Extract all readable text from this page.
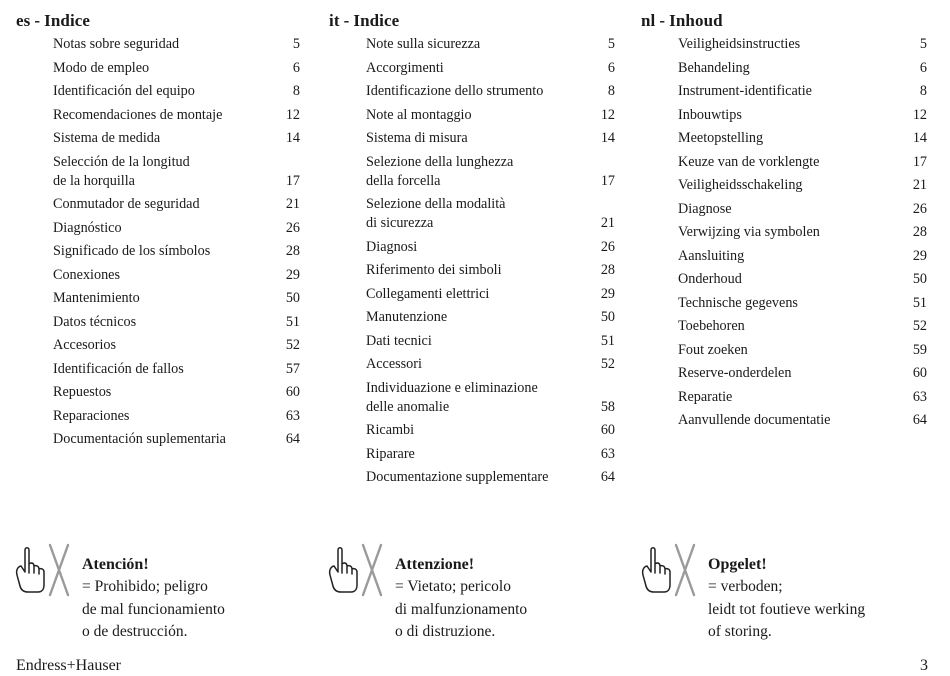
es - Indice
Notas sobre seguridad	5
Modo de empleo	6
Identificación del equipo	8
Recomendaciones de montaje	12
Sistema de medida	14
Selección de la longitud
de la horquilla	17
Conmutador de seguridad	21
Diagnóstico	26
Significado de los símbolos	28
Conexiones	29
Mantenimiento	50
Datos técnicos	51
Accesorios	52
Identificación de fallos	57
Repuestos	60
Reparaciones	63
Documentación suplementaria	64
it - Indice
Note sulla sicurezza	5
Accorgimenti	6
Identificazione dello strumento	8
Note al montaggio	12
Sistema di misura	14
Selezione della lunghezza
della forcella	17
Selezione della modalità
di sicurezza	21
Diagnosi	26
Riferimento dei simboli	28
Collegamenti elettrici	29
Manutenzione	50
Dati tecnici	51
Accessori	52
Individuazione e eliminazione
delle anomalie	58
Ricambi	60
Riparare	63
Documentazione supplementare	64
nl - Inhoud
Veiligheidsinstructies	5
Behandeling	6
Instrument-identificatie	8
Inbouwtips	12
Meetopstelling	14
Keuze van de vorklengte	17
Veiligheidsschakeling	21
Diagnose	26
Verwijzing via symbolen	28
Aansluiting	29
Onderhoud	50
Technische gegevens	51
Toebehoren	52
Fout zoeken	59
Reserve-onderdelen	60
Reparatie	63
Aanvullende documentatie	64
Atención!
= Prohibido; peligro
de mal funcionamiento
o de destrucción.
Attenzione!
= Vietato; pericolo
di malfunzionamento
o di distruzione.
Opgelet!
= verboden;
leidt tot foutieve werking
of storing.
Endress+Hauser	3
